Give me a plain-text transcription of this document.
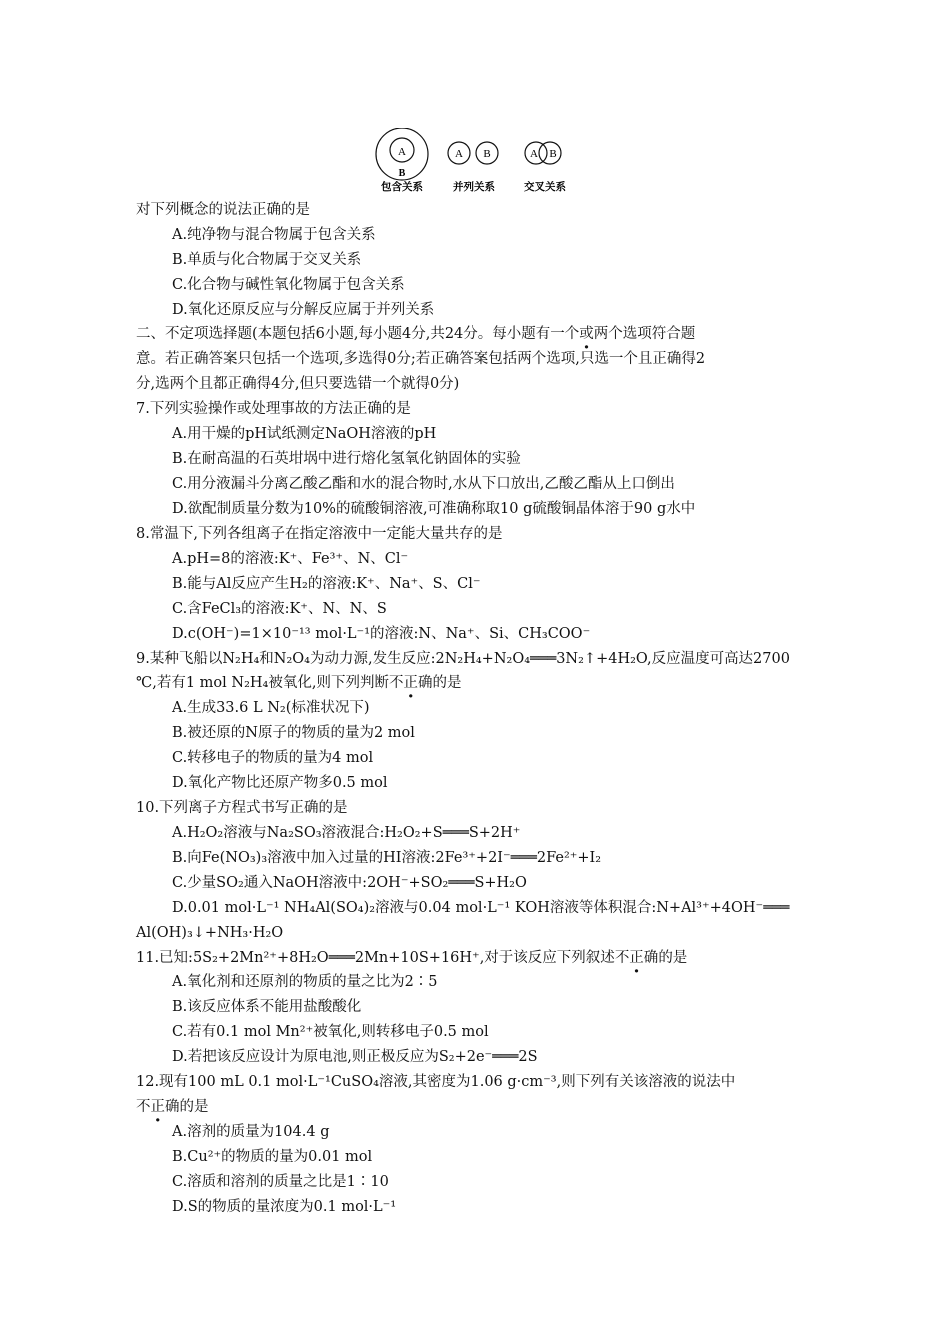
A
B
包含关系
A B
并列关系
A B
交叉关系
对下列概念的说法正确的是
A.纯净物与混合物属于包含关系
B.单质与化合物属于交叉关系
C.化合物与碱性氧化物属于包含关系
D.氧化还原反应与分解反应属于并列关系
二、不定项选择题(本题包括6小题,每小题4分,共24分。每小题有一个或两个 ·选项符合题
意。若正确答案只包括一个选项,多选得0分;若正确答案包括两个选项,只选一个且正确得2
分,选两个且都正确得4分,但只要选错一个就得0分)
7.下列实验操作或处理事故的方法正确的是
A.用干燥的pH试纸测定NaOH溶液的pH
B.在耐高温的石英坩埚中进行熔化氢氧化钠固体的实验
C.用分液漏斗分离乙酸乙酯和水的混合物时,水从下口放出,乙酸乙酯从上口倒出
D.欲配制质量分数为10%的硫酸铜溶液,可准确称取10 g硫酸铜晶体溶于90 g水中
8.常温下,下列各组离子在指定溶液中一定能大量共存的是
A.pH=8的溶液:K⁺、Fe³⁺、N、Cl⁻
B.能与Al反应产生H₂的溶液:K⁺、Na⁺、S、Cl⁻
C.含FeCl₃的溶液:K⁺、N、N、S
D.c(OH⁻)=1×10⁻¹³ mol·L⁻¹的溶液:N、Na⁺、Si、CH₃COO⁻
9.某种飞船以N₂H₄和N₂O₄为动力源,发生反应:2N₂H₄+N₂O₄═══3N₂↑+4H₂O,反应温度可高达2700
℃,若有1 mol N₂H₄被氧化,则下列判断不正确的是
A.生成33.6 L N₂(标准状况下)
B.被还原的N原子的物质的量为2 mol
C.转移电子的物质的量为4 mol
D.氧化产物比还原产物多0.5 mol
10.下列离子方程式书写正确的是
A.H₂O₂溶液与Na₂SO₃溶液混合:H₂O₂+S═══S+2H⁺
B.向Fe(NO₃)₃溶液中加入过量的HI溶液:2Fe³⁺+2I⁻═══2Fe²⁺+I₂
C.少量SO₂通入NaOH溶液中:2OH⁻+SO₂═══S+H₂O
D.0.01 mol·L⁻¹ NH₄Al(SO₄)₂溶液与0.04 mol·L⁻¹ KOH溶液等体积混合:N+Al³⁺+4OH⁻═══
Al(OH)₃↓+NH₃·H₂O
11.已知:5S₂+2Mn²⁺+8H₂O═══2Mn+10S+16H⁺,对于该反应下列叙述不正确的是
A.氧化剂和还原剂的物质的量之比为2∶5
B.该反应体系不能用盐酸酸化
C.若有0.1 mol Mn²⁺被氧化,则转移电子0.5 mol
D.若把该反应设计为原电池,则正极反应为S₂+2e⁻═══2S
12.现有100 mL 0.1 mol·L⁻¹CuSO₄溶液,其密度为1.06 g·cm⁻³,则下列有关该溶液的说法中
不正确的是
A.溶剂的质量为104.4 g
B.Cu²⁺的物质的量为0.01 mol
C.溶质和溶剂的质量之比是1∶10
D.S的物质的量浓度为0.1 mol·L⁻¹
